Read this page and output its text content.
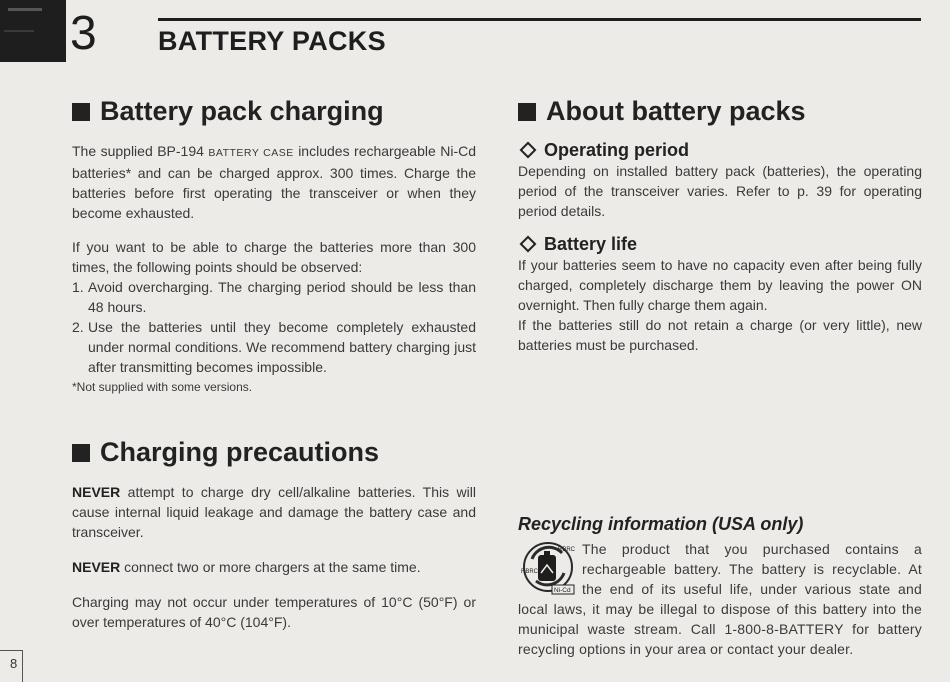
3 BATTERY PACKS
Battery pack charging

The supplied BP-194 BATTERY CASE includes rechargeable Ni-Cd batteries* and can be charged approx. 300 times. Charge the batteries before first operating the transceiver or when they become exhausted.

If you want to be able to charge the batteries more than 300 times, the following points should be observed:

1. Avoid overcharging. The charging period should be less than 48 hours.
2. Use the batteries until they become completely exhausted under normal conditions. We recommend battery charging just after transmitting becomes impossible.
*Not supplied with some versions.
Charging precautions

NEVER attempt to charge dry cell/alkaline batteries. This will cause internal liquid leakage and damage the battery case and transceiver.

NEVER connect two or more chargers at the same time.

Charging may not occur under temperatures of 10°C (50°F) or over temperatures of 40°C (104°F).

About battery packs
Operating period

Depending on installed battery pack (batteries), the operating period of the transceiver varies. Refer to p. 39 for operating period details.

Battery life

If your batteries seem to have no capacity even after being fully charged, completely discharge them by leaving the power ON overnight. Then fully charge them again.

If the batteries still do not retain a charge (or very little), new batteries must be purchased.

Recycling information (USA only)
RBRC
RBRC
Ni-Cd

The product that you purchased contains a rechargeable battery. The battery is recyclable. At the end of its useful life, under various state and local laws, it may be illegal to dispose of this battery into the municipal waste stream. Call 1-800-8-BATTERY for battery recycling options in your area or contact your dealer.

8
